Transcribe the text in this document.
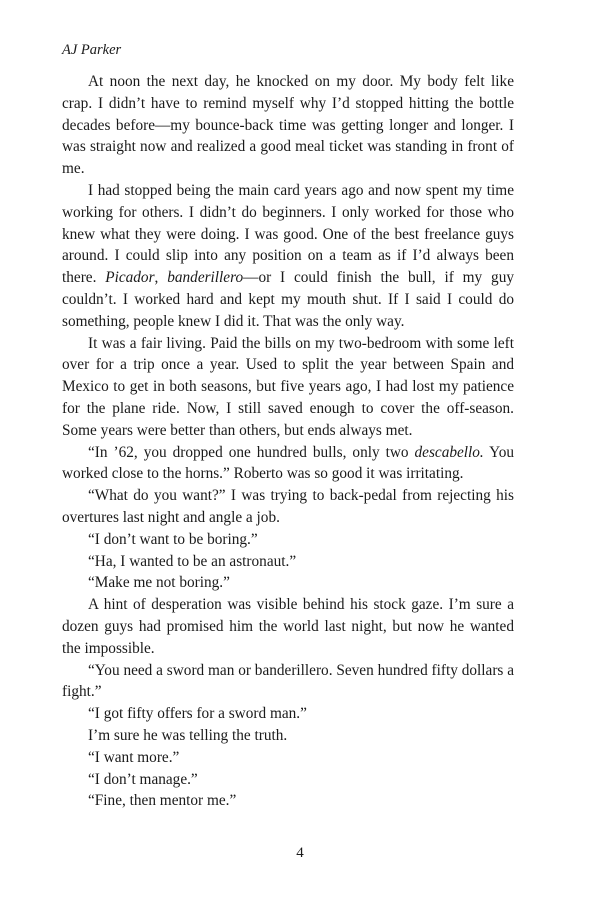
AJ Parker

At noon the next day, he knocked on my door. My body felt like crap. I didn’t have to remind myself why I’d stopped hitting the bottle decades before—my bounce-back time was getting longer and longer. I was straight now and realized a good meal ticket was standing in front of me.

I had stopped being the main card years ago and now spent my time working for others. I didn’t do beginners. I only worked for those who knew what they were doing. I was good. One of the best freelance guys around. I could slip into any position on a team as if I’d always been there. Picador, banderillero—or I could finish the bull, if my guy couldn’t. I worked hard and kept my mouth shut. If I said I could do something, people knew I did it. That was the only way.

It was a fair living. Paid the bills on my two-bedroom with some left over for a trip once a year. Used to split the year between Spain and Mexico to get in both seasons, but five years ago, I had lost my patience for the plane ride. Now, I still saved enough to cover the off-season. Some years were better than others, but ends always met.

“In ’62, you dropped one hundred bulls, only two descabello. You worked close to the horns.” Roberto was so good it was irritating.

“What do you want?” I was trying to back-pedal from rejecting his overtures last night and angle a job.

“I don’t want to be boring.”

“Ha, I wanted to be an astronaut.”

“Make me not boring.”

A hint of desperation was visible behind his stock gaze. I’m sure a dozen guys had promised him the world last night, but now he wanted the impossible.

“You need a sword man or banderillero. Seven hundred fifty dollars a fight.”

“I got fifty offers for a sword man.”

I’m sure he was telling the truth.

“I want more.”

“I don’t manage.”

“Fine, then mentor me.”

4
